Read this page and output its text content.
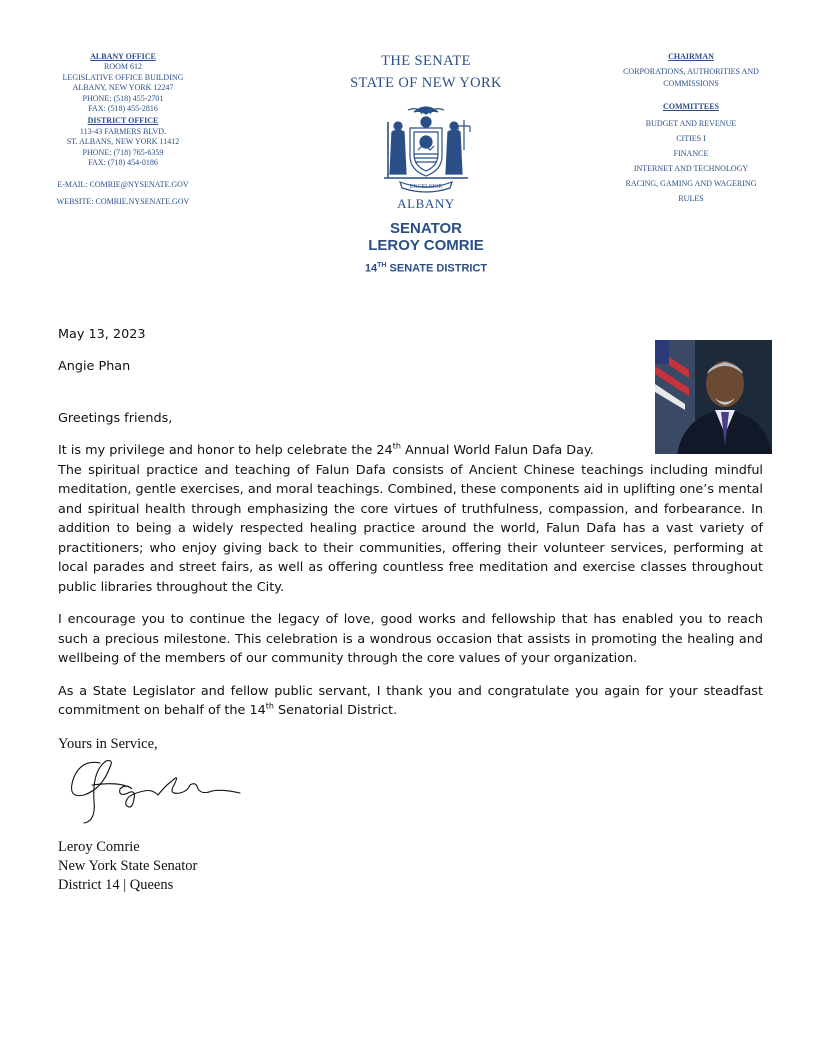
ALBANY OFFICE
ROOM 612
LEGISLATIVE OFFICE BUILDING
ALBANY, NEW YORK 12247
PHONE: (518) 455-2701
FAX: (518) 455-2816
DISTRICT OFFICE
113-43 FARMERS BLVD.
ST. ALBANS, NEW YORK 11412
PHONE: (718) 765-6359
FAX: (718) 454-0186
E-MAIL: COMRIE@NYSENATE.GOV
WEBSITE: COMRIE.NYSENATE.GOV
THE SENATE
STATE OF NEW YORK
EXCELSIOR
ALBANY
SENATOR
LEROY COMRIE
14TH SENATE DISTRICT
CHAIRMAN
CORPORATIONS, AUTHORITIES AND
COMMISSIONS
COMMITTEES
BUDGET AND REVENUE
CITIES I
FINANCE
INTERNET AND TECHNOLOGY
RACING, GAMING AND WAGERING
RULES
May 13, 2023
Angie Phan
Greetings friends,
It is my privilege and honor to help celebrate the 24th Annual World Falun Dafa Day.
The spiritual practice and teaching of Falun Dafa consists of Ancient Chinese teachings including mindful meditation, gentle exercises, and moral teachings. Combined, these components aid in uplifting one’s mental and spiritual health through emphasizing the core virtues of truthfulness, compassion, and forbearance. In addition to being a widely respected healing practice around the world, Falun Dafa has a vast variety of practitioners; who enjoy giving back to their communities, offering their volunteer services, performing at local parades and street fairs, as well as offering countless free meditation and exercise classes throughout public libraries throughout the City.
I encourage you to continue the legacy of love, good works and fellowship that has enabled you to reach such a precious milestone. This celebration is a wondrous occasion that assists in promoting the healing and wellbeing of the members of our community through the core values of your organization.
As a State Legislator and fellow public servant, I thank you and congratulate you again for your steadfast commitment on behalf of the 14th Senatorial District.
Yours in Service,
Leroy Comrie
New York State Senator
District 14 | Queens
